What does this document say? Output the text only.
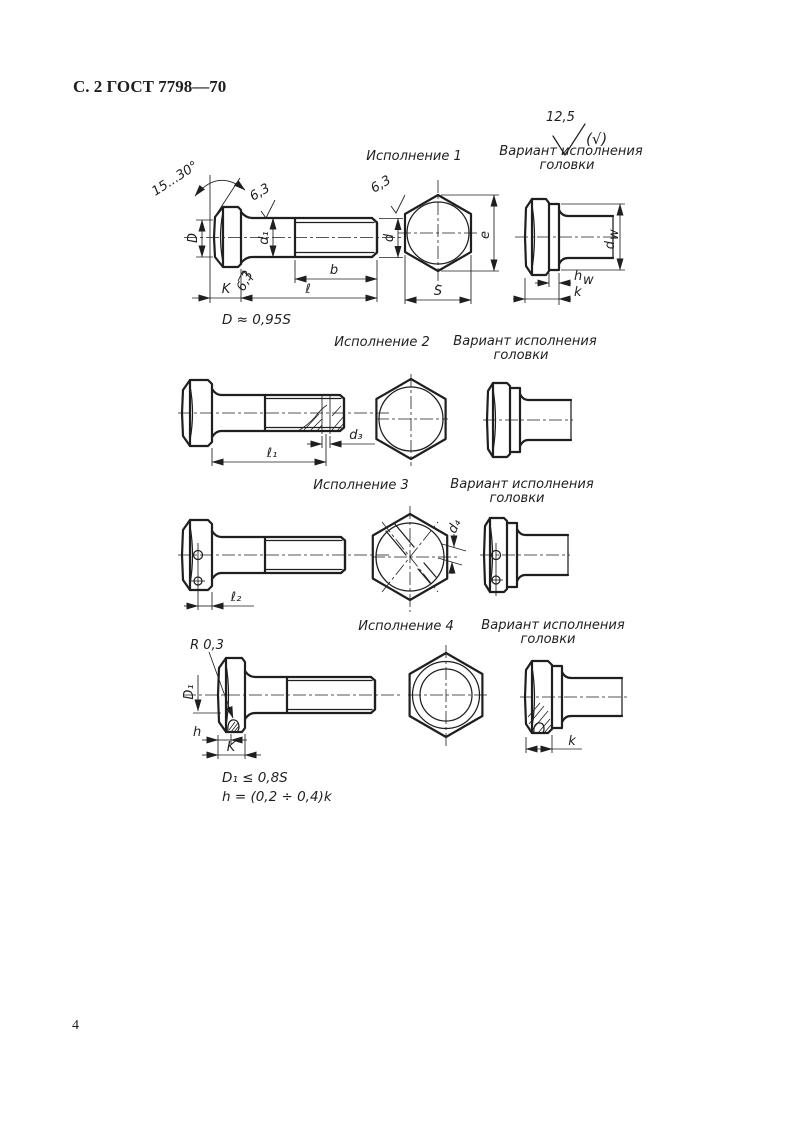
С. 2 ГОСТ 7798—70
12,5
(√)
Исполнение 1	Вариант исполнения
головки
Исполнение 2 Вариант исполнения
головки
Исполнение 3	Вариант исполнения
головки
Исполнение 4 Вариант исполнения
головки
15...30°
D	d₁
6,3	6,3
d
6,3	b
ℓ
K
e
S
d
w
h w
k
D ≈ 0,95S
d₃
ℓ₁
ℓ₂
d₄
R 0,3
D₁
h
K	k
D₁ ≤ 0,8S
h = (0,2 ÷ 0,4)k
4
